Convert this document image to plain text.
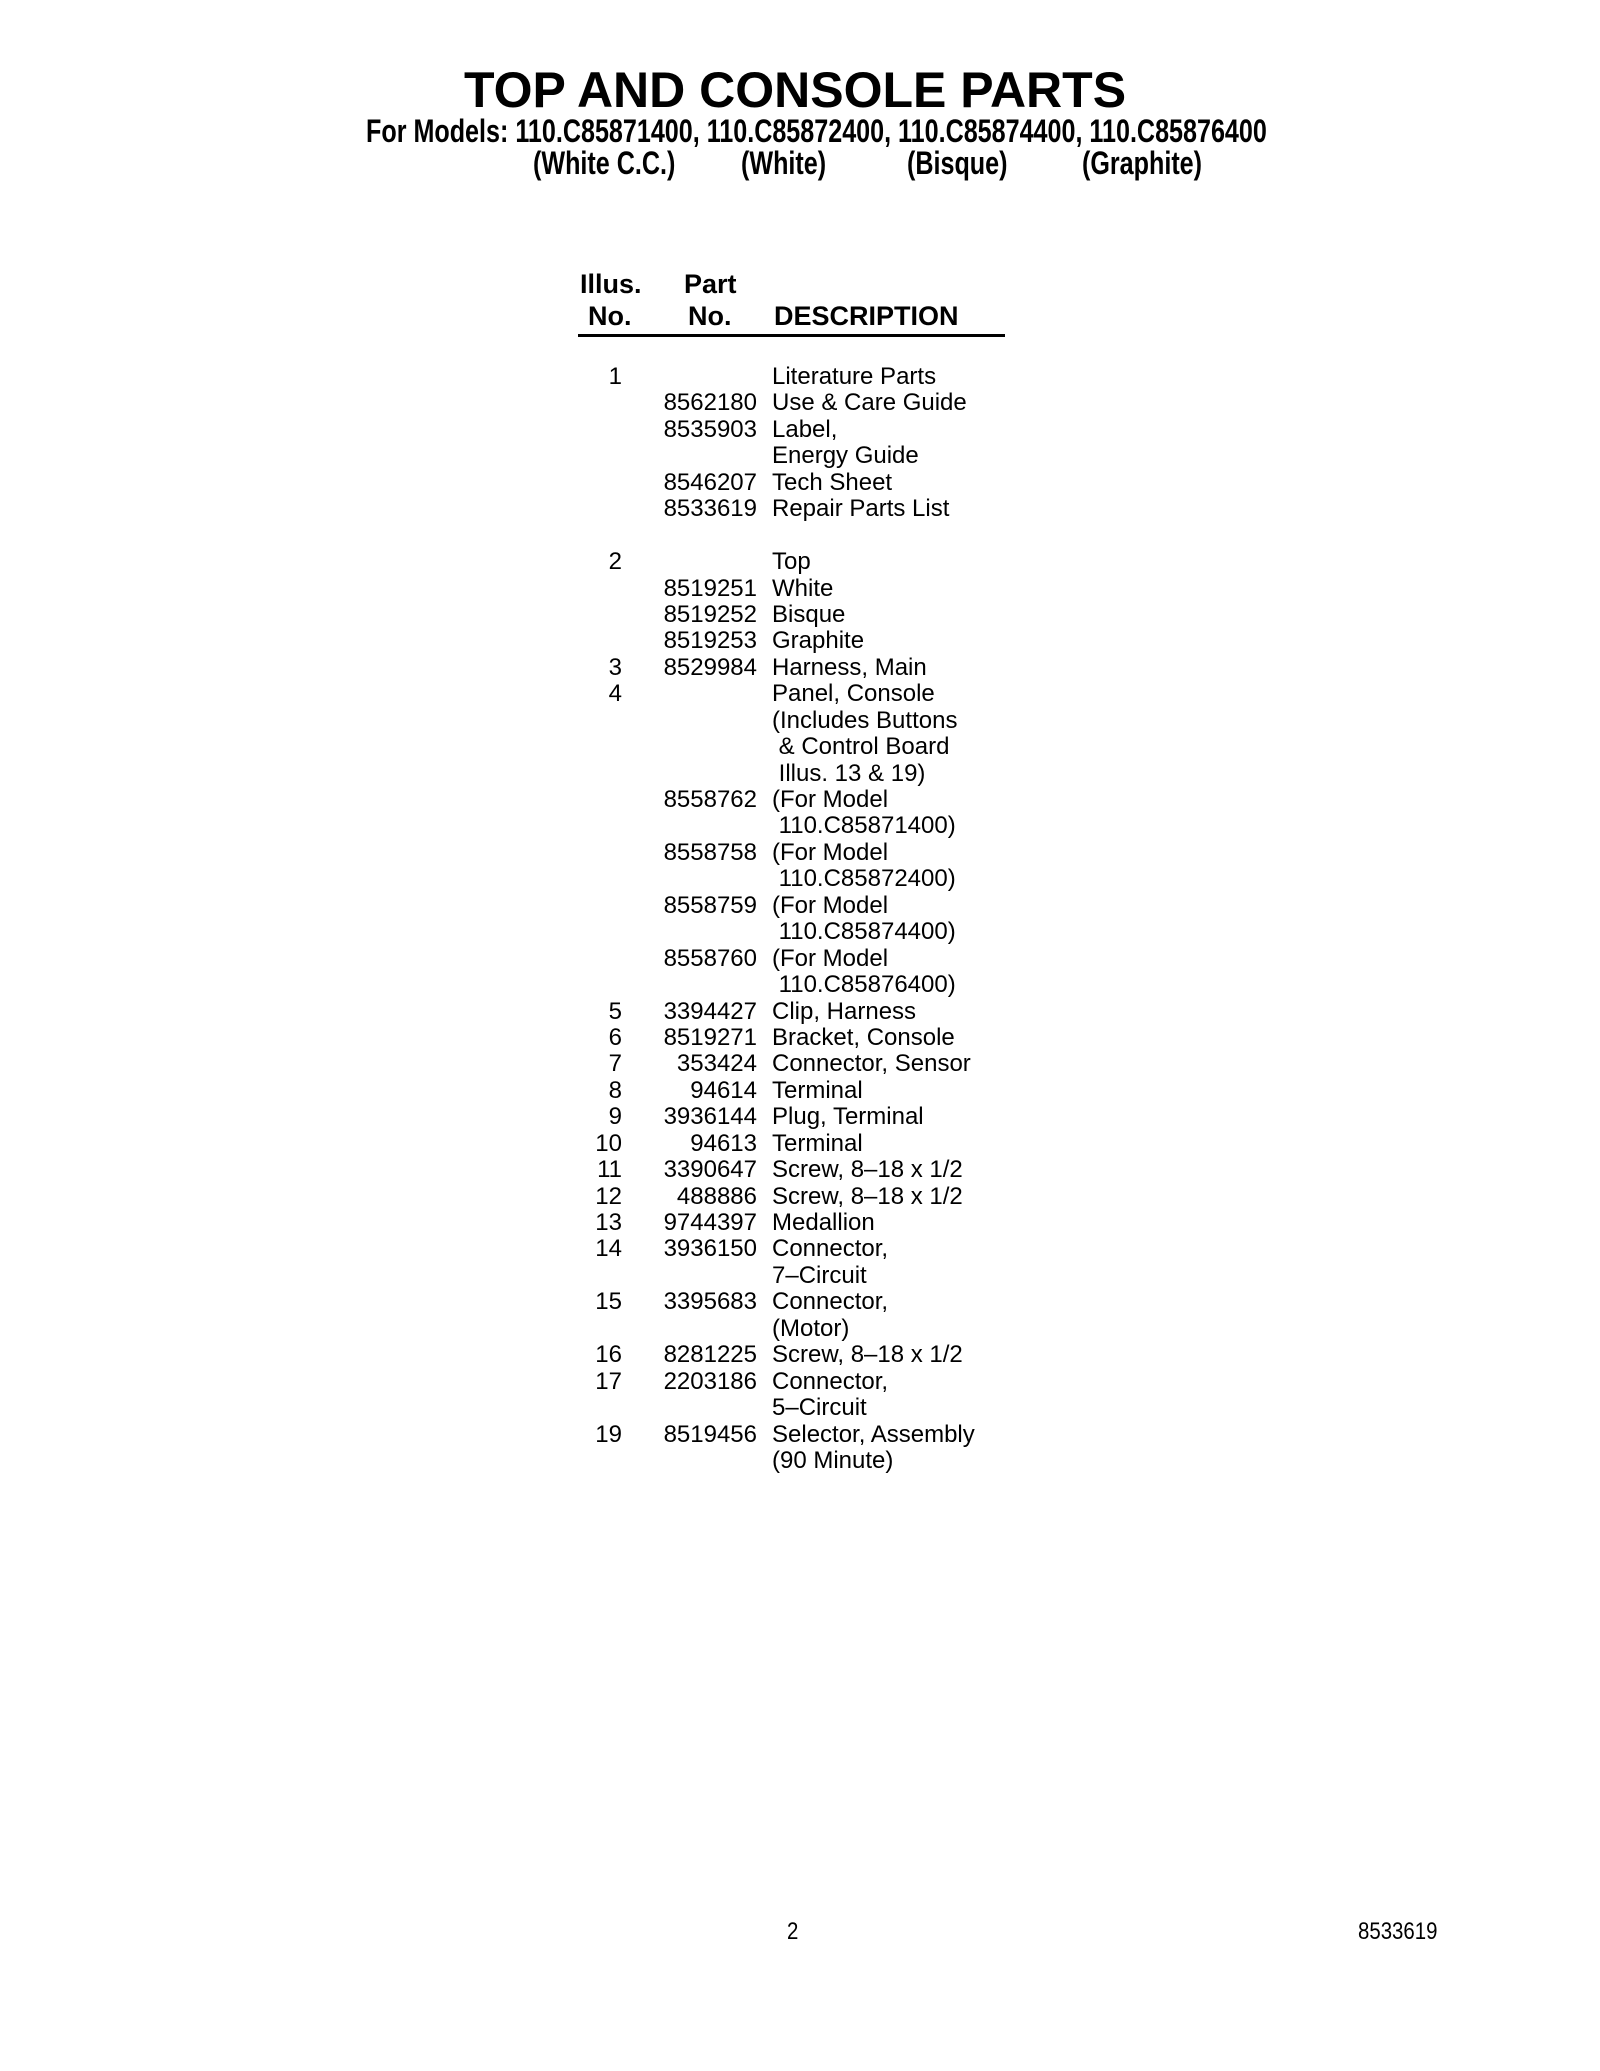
TOP AND CONSOLE PARTS
For Models: 110.C85871400, 110.C85872400, 110.C85874400, 110.C85876400
(White C.C.) (White)	(Bisque) (Graphite)
Illus.
No.
Part
No. DESCRIPTION
1	Literature Parts
8562180 Use & Care Guide
8535903 Label,
Energy Guide
8546207 Tech Sheet
8533619 Repair Parts List
2	Top
8519251 White
8519252 Bisque
8519253 Graphite
3	8529984 Harness, Main
4	Panel, Console
(Includes Buttons
& Control Board
Illus. 13 & 19)
8558762 (For Model
110.C85871400)
8558758 (For Model
110.C85872400)
8558759 (For Model
110.C85874400)
8558760 (For Model
110.C85876400)
5	3394427 Clip, Harness
6	8519271 Bracket, Console
7	353424 Connector, Sensor
8	94614 Terminal
9	3936144 Plug, Terminal
10	94613 Terminal
11	3390647 Screw, 8–18 x 1/2
12	488886 Screw, 8–18 x 1/2
13	9744397 Medallion
14	3936150 Connector,
7–Circuit
15	3395683 Connector,
(Motor)
16	8281225 Screw, 8–18 x 1/2
17	2203186 Connector,
5–Circuit
19	8519456 Selector, Assembly
(90 Minute)
2	8533619
